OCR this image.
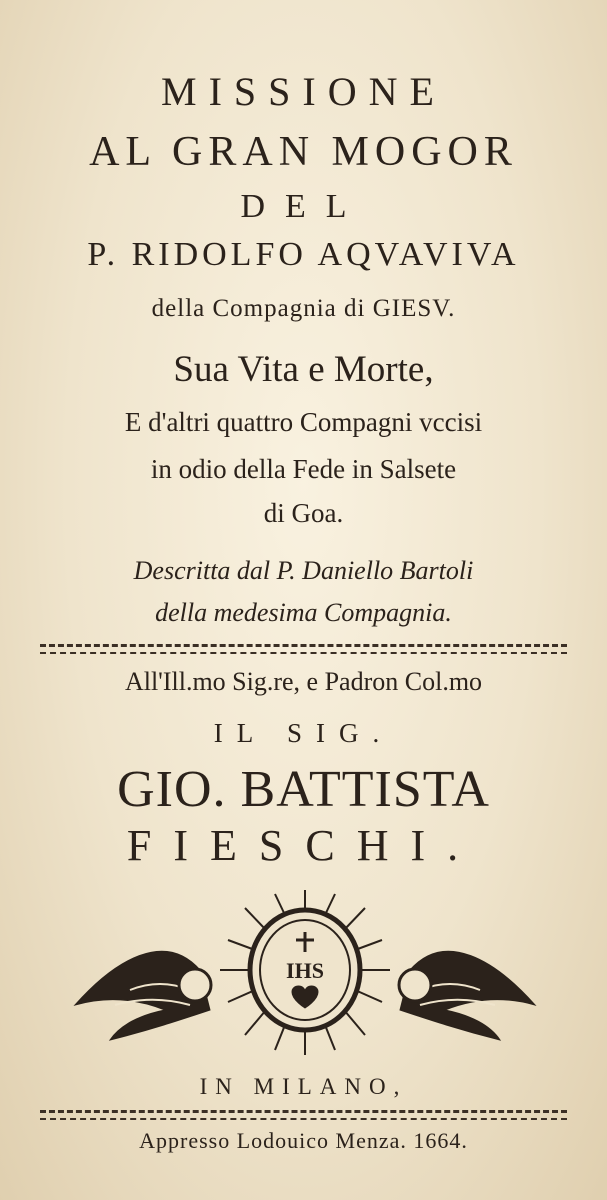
MISSIONE
AL GRAN MOGOR
DEL
P. RIDOLFO AQVAVIVA
della Compagnia di GIESV.
Sua Vita e Morte,
E d'altri quattro Compagni vccisi
in odio della Fede in Salsete
di Goa.
Descritta dal P. Daniello Bartoli
della medesima Compagnia.
All'Ill.mo Sig.re, e Padron Col.mo
IL SIG.
GIO. BATTISTA
FIESCHI.
IHS
IN MILANO,
Appresso Lodouico Menza. 1664.
